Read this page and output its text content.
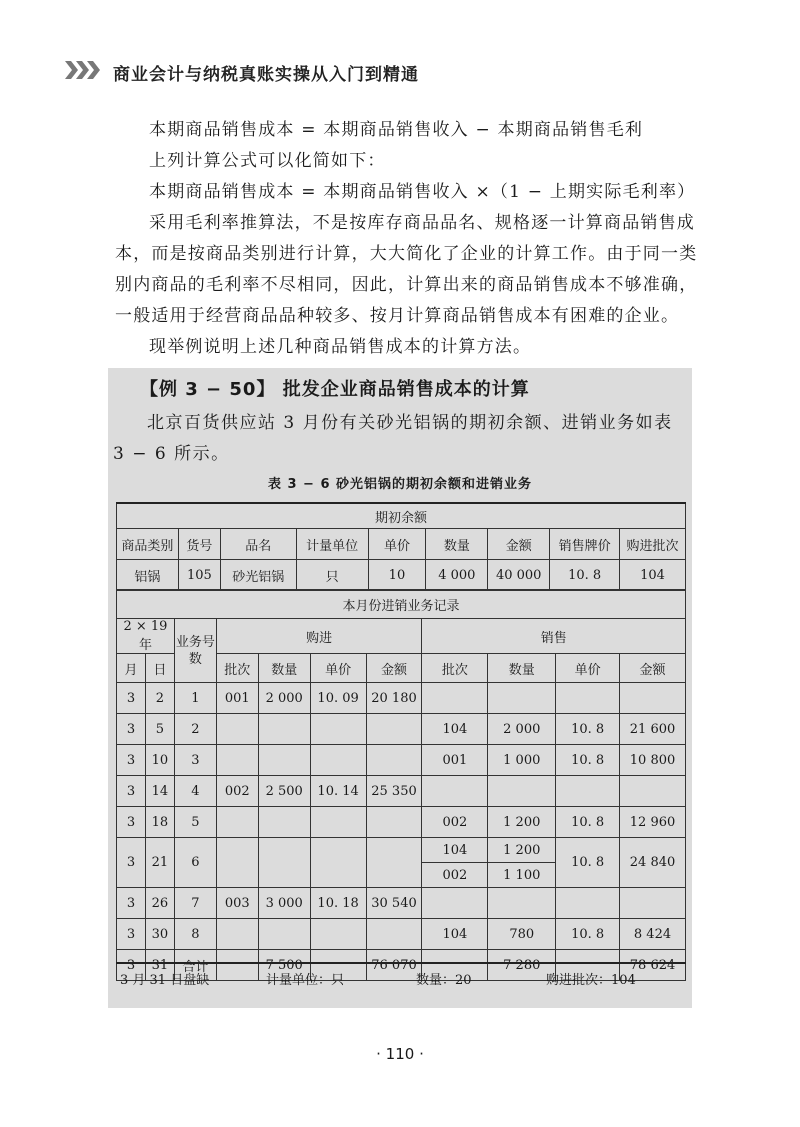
商业会计与纳税真账实操从入门到精通

本期商品销售成本 = 本期商品销售收入 − 本期商品销售毛利

上列计算公式可以化简如下：

本期商品销售成本 = 本期商品销售收入 ×（1 − 上期实际毛利率）

采用毛利率推算法，不是按库存商品品名、规格逐一计算商品销售成本，而是按商品类别进行计算，大大简化了企业的计算工作。由于同一类别内商品的毛利率不尽相同，因此，计算出来的商品销售成本不够准确，一般适用于经营商品品种较多、按月计算商品销售成本有困难的企业。

现举例说明上述几种商品销售成本的计算方法。

【例 3 − 50】 批发企业商品销售成本的计算

北京百货供应站 3 月份有关砂光铝锅的期初余额、进销业务如表 3 − 6 所示。

表 3 − 6 砂光铝锅的期初余额和进销业务
期初余额								
商品类别	货号	品名	计量单位	单价	数量	金额	销售牌价	购进批次
铝锅	105	砂光铝锅	只	10	4 000	40 000	10. 8	104
本月份进销业务记录										
2 × 19 年		业务号数	购进				销售			
月	日		批次	数量	单价	金额	批次	数量	单价	金额
3	2	1	001	2 000	10. 09	20 180				
3	5	2					104	2 000	10. 8	21 600
3	10	3					001	1 000	10. 8	10 800
3	14	4	002	2 500	10. 14	25 350				
3	18	5					002	1 200	10. 8	12 960
3	21	6					104	1 200	10. 8	24 840
							002	1 100		
3	26	7	003	3 000	10. 18	30 540				
3	30	8					104	780	10. 8	8 424
3	31	合计		7 500		76 070		7 280		78 624
3 月 31 日盘缺	计量单位：只	数量：20	购进批次：104
· 110 ·
